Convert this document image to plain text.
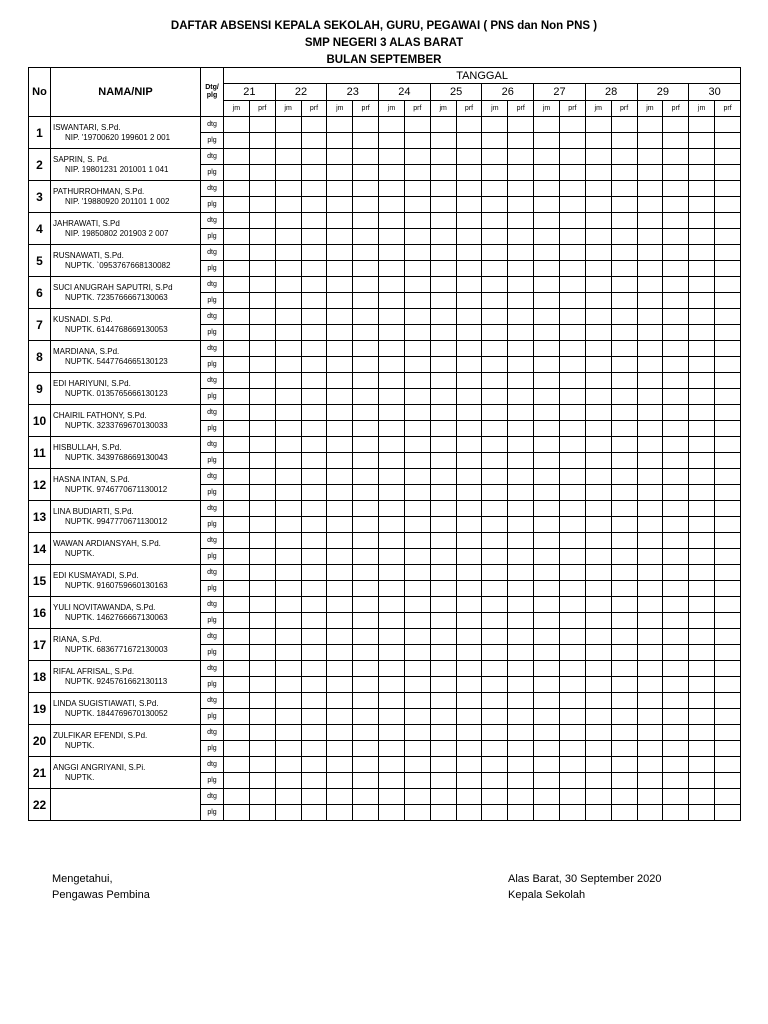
DAFTAR ABSENSI KEPALA SEKOLAH, GURU, PEGAWAI ( PNS dan Non PNS )
SMP NEGERI 3 ALAS BARAT
BULAN SEPTEMBER
No	NAMA/NIP	Dtg/ plg	TANGGAL																			
			21		22		23		24		25		26		27		28		29		30	
			jm	prf	jm	prf	jm	prf	jm	prf	jm	prf	jm	prf	jm	prf	jm	prf	jm	prf	jm	prf
1	ISWANTARI, S.Pd.
NIP. '19700620 199601 2 001	dtg																				
		plg																				
2	SAPRIN, S. Pd.
NIP. 19801231 201001 1 041	dtg																				
		plg																				
3	PATHURROHMAN, S.Pd.
NIP. '19880920 201101 1 002	dtg																				
		plg																				
4	JAHRAWATI, S.Pd
NIP. 19850802 201903 2 007	dtg																				
		plg																				
5	RUSNAWATI, S.Pd.
NUPTK. `0953767668130082	dtg																				
		plg																				
6	SUCI ANUGRAH SAPUTRI, S.Pd
NUPTK. 7235766667130063	dtg																				
		plg																				
7	KUSNADI. S.Pd.
NUPTK. 6144768669130053	dtg																				
		plg																				
8	MARDIANA, S.Pd.
NUPTK. 5447764665130123	dtg																				
		plg																				
9	EDI HARIYUNI, S.Pd.
NUPTK. 0135765666130123	dtg																				
		plg																				
10	CHAIRIL FATHONY, S.Pd.
NUPTK. 3233769670130033	dtg																				
		plg																				
11	HISBULLAH, S.Pd.
NUPTK. 3439768669130043	dtg																				
		plg																				
12	HASNA INTAN, S.Pd.
NUPTK. 9746770671130012	dtg																				
		plg																				
13	LINA BUDIARTI, S.Pd.
NUPTK. 9947770671130012	dtg																				
		plg																				
14	WAWAN ARDIANSYAH, S.Pd.
NUPTK.	dtg																				
		plg																				
15	EDI KUSMAYADI, S.Pd.
NUPTK. 9160759660130163	dtg																				
		plg																				
16	YULI NOVITAWANDA, S.Pd.
NUPTK. 1462766667130063	dtg																				
		plg																				
17	RIANA, S.Pd.
NUPTK. 6836771672130003	dtg																				
		plg																				
18	RIFAL AFRISAL, S.Pd.
NUPTK. 9245761662130113	dtg																				
		plg																				
19	LINDA SUGISTIAWATI, S.Pd.
NUPTK. 1844769670130052	dtg																				
		plg																				
20	ZULFIKAR EFENDI, S.Pd.
NUPTK.	dtg																				
		plg																				
21	ANGGI ANGRIYANI, S.Pi.
NUPTK.	dtg																				
		plg																				
22		dtg																				
		plg																				
Mengetahui,
Pengawas Pembina
Alas Barat, 30 September 2020
Kepala Sekolah
